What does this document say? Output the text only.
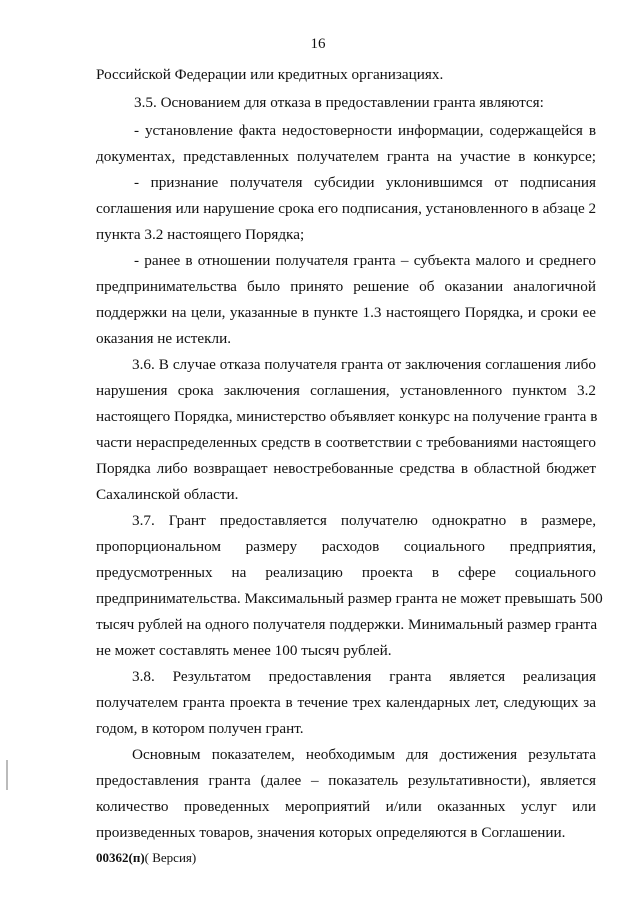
16
Российской Федерации или кредитных организациях.
3.5. Основанием для отказа в предоставлении гранта являются:
- установление факта недостоверности информации, содержащейся в
документах, представленных получателем гранта на участие в конкурсе;
- признание получателя субсидии уклонившимся от подписания
соглашения или нарушение срока его подписания, установленного в абзаце 2
пункта 3.2 настоящего Порядка;
- ранее в отношении получателя гранта – субъекта малого и среднего
предпринимательства было принято решение об оказании аналогичной
поддержки на цели, указанные в пункте 1.3 настоящего Порядка, и сроки ее
оказания не истекли.
3.6. В случае отказа получателя гранта от заключения соглашения либо
нарушения срока заключения соглашения, установленного пунктом 3.2
настоящего Порядка, министерство объявляет конкурс на получение гранта в
части нераспределенных средств в соответствии с требованиями настоящего
Порядка либо возвращает невостребованные средства в областной бюджет
Сахалинской области.
3.7. Грант предоставляется получателю однократно в размере,
пропорциональном размеру расходов социального предприятия,
предусмотренных на реализацию проекта в сфере социального
предпринимательства. Максимальный размер гранта не может превышать 500
тысяч рублей на одного получателя поддержки. Минимальный размер гранта
не может составлять менее 100 тысяч рублей.
3.8. Результатом предоставления гранта является реализация
получателем гранта проекта в течение трех календарных лет, следующих за
годом, в котором получен грант.
Основным показателем, необходимым для достижения результата
предоставления гранта (далее – показатель результативности), является
количество проведенных мероприятий и/или оказанных услуг или
произведенных товаров, значения которых определяются в Соглашении.
00362(п)( Версия)
